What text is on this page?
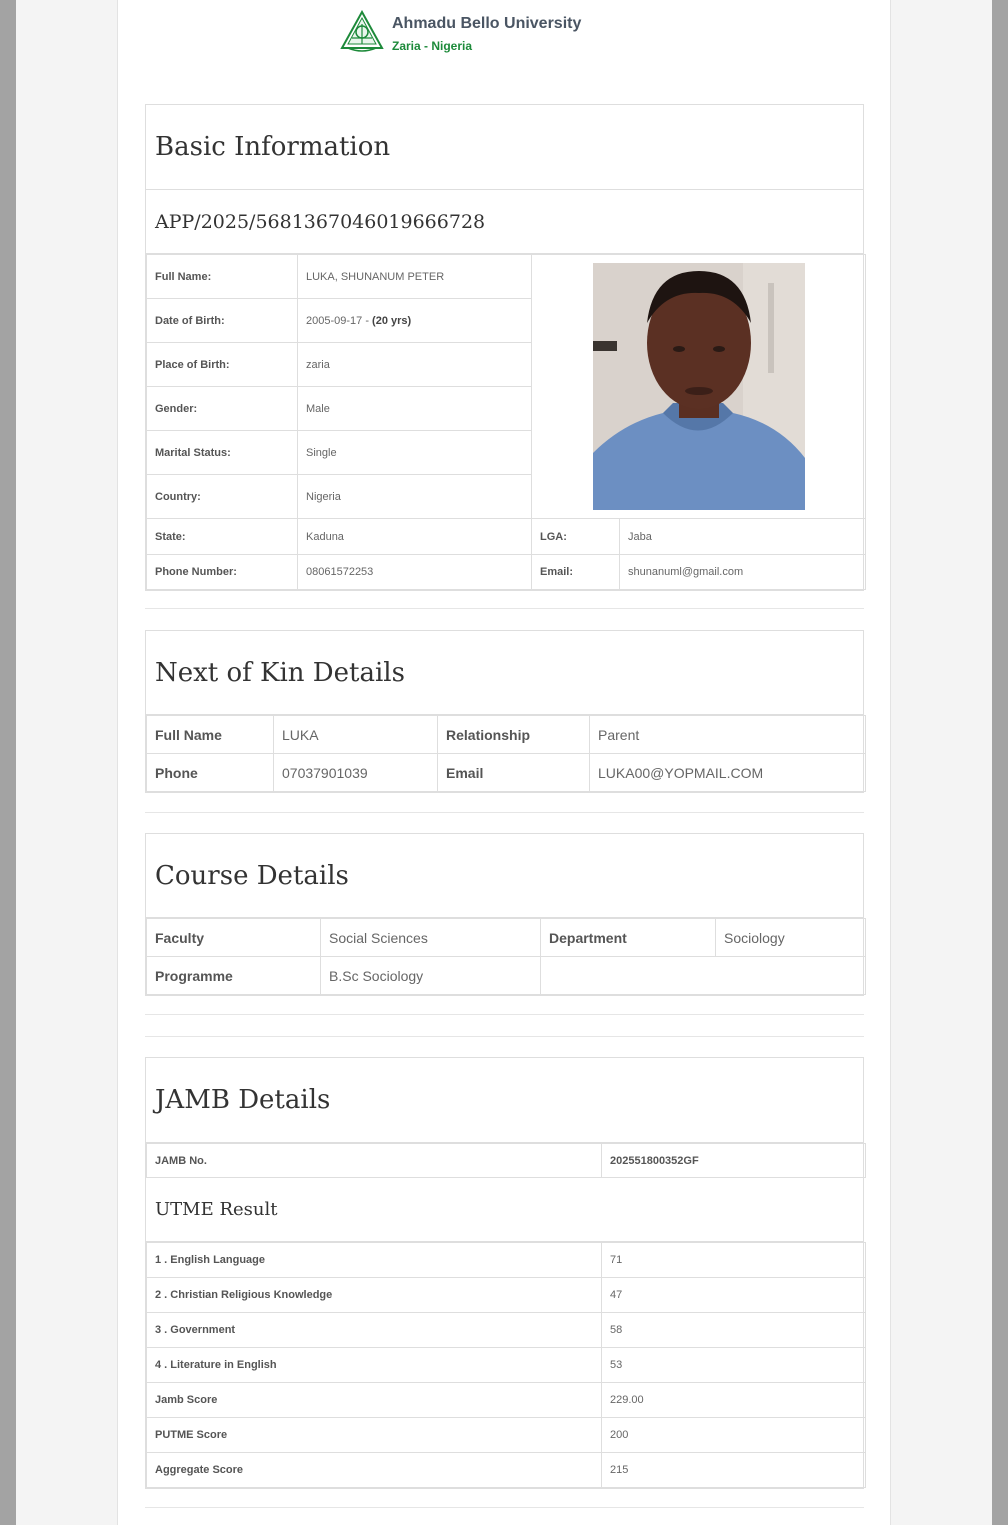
Ahmadu Bello University
Zaria - Nigeria
Basic Information
APP/2025/5681367046019666728
Full Name:	LUKA, SHUNANUM PETER	

Date of Birth:	2005-09-17 - (20 yrs)		
Place of Birth:	zaria		
Gender:	Male		
Marital Status:	Single		
Country:	Nigeria		
State:	Kaduna	LGA:	Jaba
Phone Number:	08061572253	Email:	shunanuml@gmail.com
Next of Kin Details
Full Name	LUKA	Relationship	Parent
Phone	07037901039	Email	LUKA00@YOPMAIL.COM
Course Details
Faculty	Social Sciences	Department	Sociology
Programme	B.Sc Sociology		
JAMB Details
JAMB No.	202551800352GF
UTME Result
1 . English Language	71
2 . Christian Religious Knowledge	47
3 . Government	58
4 . Literature in English	53
Jamb Score	229.00
PUTME Score	200
Aggregate Score	215
